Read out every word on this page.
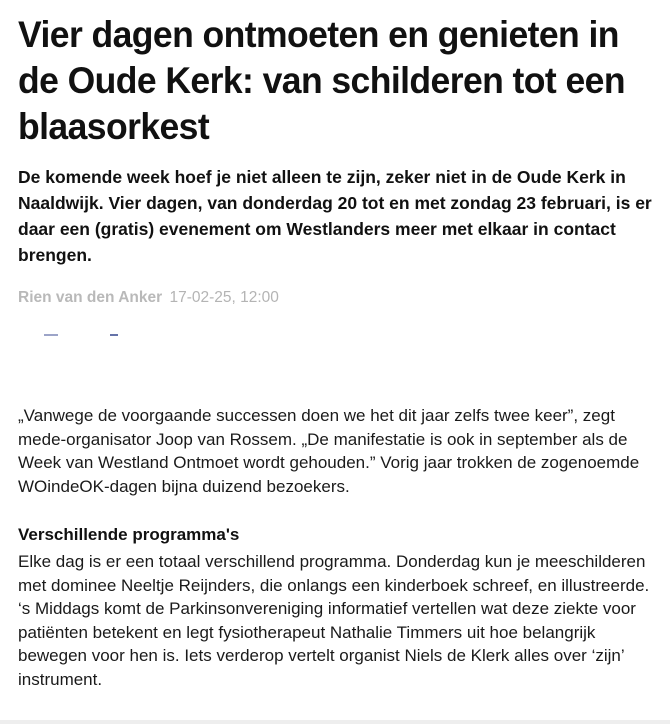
Vier dagen ontmoeten en genieten in de Oude Kerk: van schilderen tot een blaasorkest

De komende week hoef je niet alleen te zijn, zeker niet in de Oude Kerk in Naaldwijk. Vier dagen, van donderdag 20 tot en met zondag 23 februari, is er daar een (gratis) evenement om Westlanders meer met elkaar in contact brengen.

Rien van den Anker 17-02-25, 12:00

„Vanwege de voorgaande successen doen we het dit jaar zelfs twee keer”, zegt mede-organisator Joop van Rossem. „De manifestatie is ook in september als de Week van Westland Ontmoet wordt gehouden.” Vorig jaar trokken de zogenoemde WOindeOK-dagen bijna duizend bezoekers.

Verschillende programma's

Elke dag is er een totaal verschillend programma. Donderdag kun je meeschilderen met dominee Neeltje Reijnders, die onlangs een kinderboek schreef, en illustreerde. ‘s Middags komt de Parkinsonvereniging informatief vertellen wat deze ziekte voor patiënten betekent en legt fysiotherapeut Nathalie Timmers uit hoe belangrijk bewegen voor hen is. Iets verderop vertelt organist Niels de Klerk alles over ‘zijn’ instrument.
